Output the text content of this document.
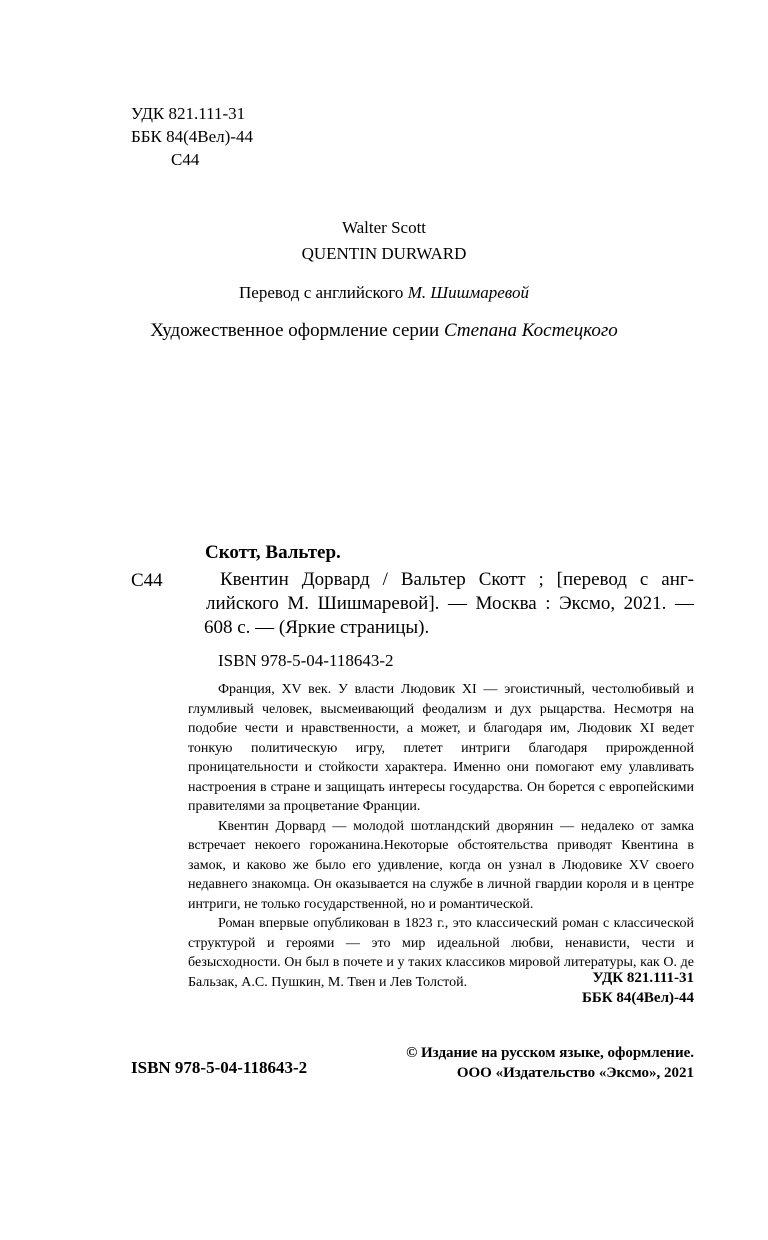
УДК 821.111-31
ББК 84(4Вел)-44
С44
Walter Scott
QUENTIN DURWARD
Перевод с английского М. Шишмаревой
Художественное оформление серии Степана Костецкого
Скотт, Вальтер.
С44	Квентин Дорвард / Вальтер Скотт ; [перевод с анг-
лийского М. Шишмаревой]. — Москва : Эксмо, 2021. — 608 с. — (Яркие страницы).
ISBN 978-5-04-118643-2

Франция, XV век. У власти Людовик XI — эгоистичный, честолюбивый и глумливый человек, высмеивающий феодализм и дух рыцарства. Несмотря на подобие чести и нравственности, а может, и благодаря им, Людовик XI ведет тонкую политическую игру, плетет интриги благодаря прирожденной проницательности и стойкости характера. Именно они помогают ему улавливать настроения в стране и защищать интересы государства. Он борется с европейскими правителями за процветание Франции.

Квентин Дорвард — молодой шотландский дворянин — недалеко от замка встречает некоего горожанина.Некоторые обстоятельства приводят Квентина в замок, и каково же было его удивление, когда он узнал в Людовике XV своего недавнего знакомца. Он оказывается на службе в личной гвардии короля и в центре интриги, не только государственной, но и романтической.

Роман впервые опубликован в 1823 г., это классический роман с классической структурой и героями — это мир идеальной любви, ненависти, чести и безысходности. Он был в почете и у таких классиков мировой литературы, как О. де Бальзак, А.С. Пушкин, М. Твен и Лев Толстой.	УДК 821.111-31
ББК 84(4Вел)-44
© Издание на русском языке, оформление.
ООО «Издательство «Эксмо», 2021
ISBN 978-5-04-118643-2
